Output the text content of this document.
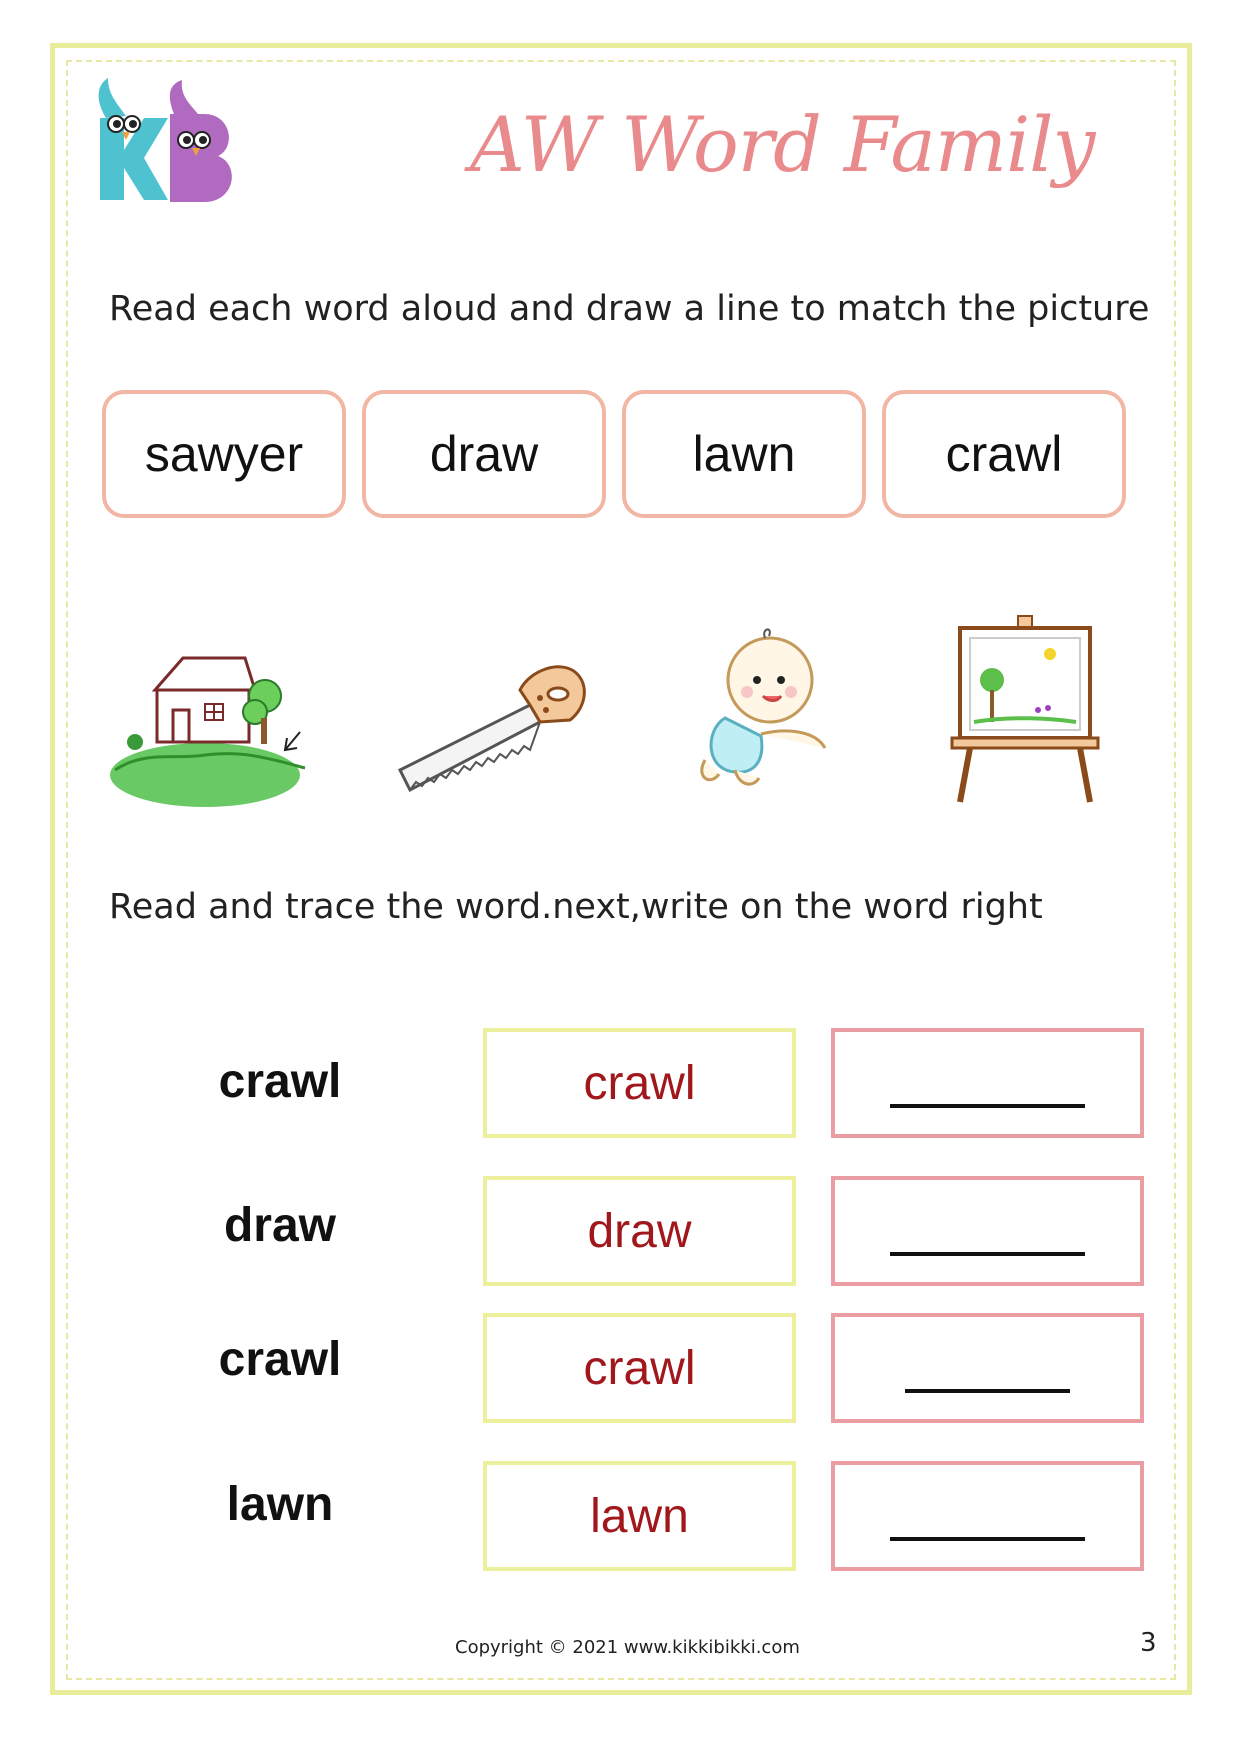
AW Word Family
Read each word aloud and draw a line to match the picture
sawyer	draw	lawn	crawl
Read and trace the word.next,write on the word right
crawl	crawl
draw	draw
crawl	crawl
lawn	lawn
Copyright © 2021 www.kikkibikki.com	3
